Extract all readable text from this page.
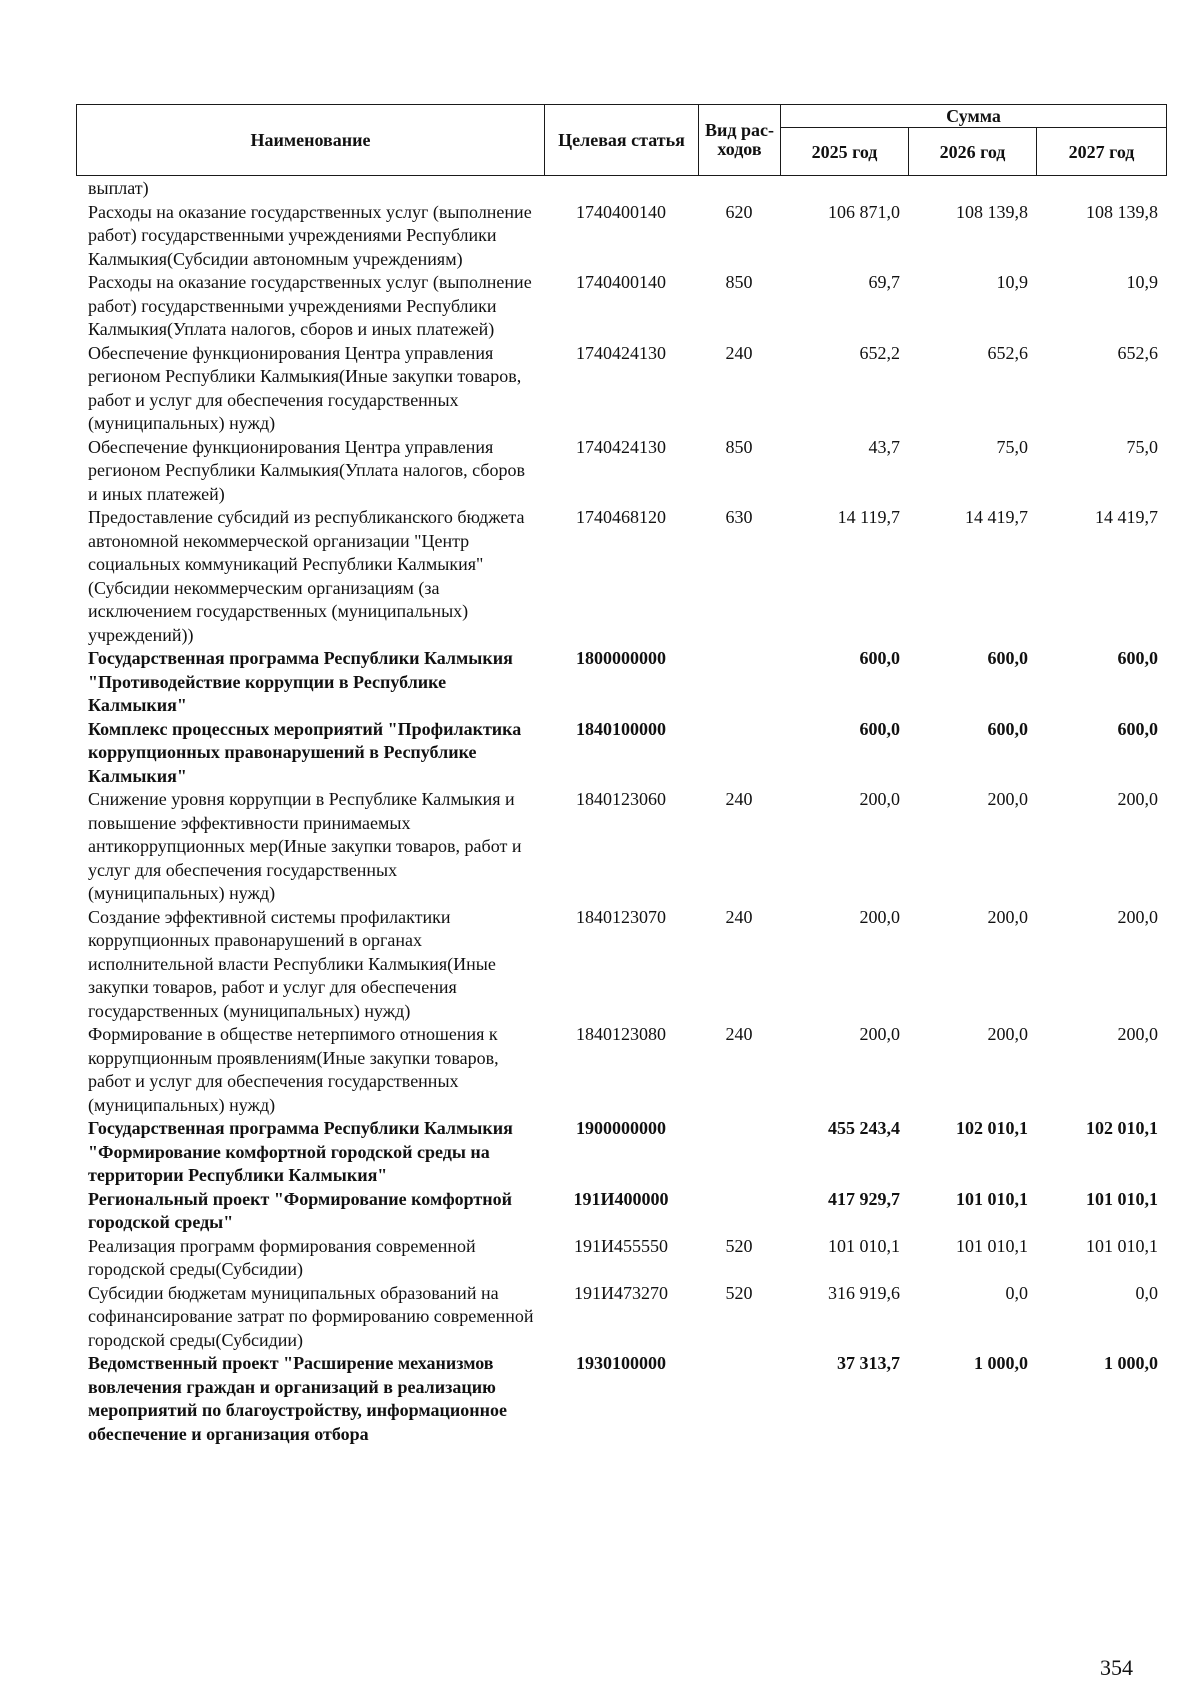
Наименование	Целевая статья	Вид рас-ходов	Сумма		
			2025 год	2026 год	2027 год
выплат)					
Расходы на оказание государственных услуг (выполнение работ) государственными учреждениями Республики Калмыкия(Субсидии автономным учреждениям)	1740400140	620	106 871,0	108 139,8	108 139,8
Расходы на оказание государственных услуг (выполнение работ) государственными учреждениями Республики Калмыкия(Уплата налогов, сборов и иных платежей)	1740400140	850	69,7	10,9	10,9
Обеспечение функционирования Центра управления регионом Республики Калмыкия(Иные закупки товаров, работ и услуг для обеспечения государственных (муниципальных) нужд)	1740424130	240	652,2	652,6	652,6
Обеспечение функционирования Центра управления регионом Республики Калмыкия(Уплата налогов, сборов и иных платежей)	1740424130	850	43,7	75,0	75,0
Предоставление субсидий из республиканского бюджета автономной некоммерческой организации "Центр социальных коммуникаций Республики Калмыкия"(Субсидии некоммерческим организациям (за исключением государственных (муниципальных) учреждений))	1740468120	630	14 119,7	14 419,7	14 419,7
Государственная программа Республики Калмыкия "Противодействие коррупции в Республике Калмыкия"	1800000000		600,0	600,0	600,0
Комплекс процессных мероприятий "Профилактика коррупционных правонарушений в Республике Калмыкия"	1840100000		600,0	600,0	600,0
Снижение уровня коррупции в Республике Калмыкия и повышение эффективности принимаемых антикоррупционных мер(Иные закупки товаров, работ и услуг для обеспечения государственных (муниципальных) нужд)	1840123060	240	200,0	200,0	200,0
Создание эффективной системы профилактики коррупционных правонарушений в органах исполнительной власти Республики Калмыкия(Иные закупки товаров, работ и услуг для обеспечения государственных (муниципальных) нужд)	1840123070	240	200,0	200,0	200,0
Формирование в обществе нетерпимого отношения к коррупционным проявлениям(Иные закупки товаров, работ и услуг для обеспечения государственных (муниципальных) нужд)	1840123080	240	200,0	200,0	200,0
Государственная программа Республики Калмыкия "Формирование комфортной городской среды на территории Республики Калмыкия"	1900000000		455 243,4	102 010,1	102 010,1
Региональный проект "Формирование комфортной городской среды"	191И400000		417 929,7	101 010,1	101 010,1
Реализация программ формирования современной городской среды(Субсидии)	191И455550	520	101 010,1	101 010,1	101 010,1
Субсидии бюджетам муниципальных образований на софинансирование затрат по формированию современной городской среды(Субсидии)	191И473270	520	316 919,6	0,0	0,0
Ведомственный проект "Расширение механизмов вовлечения граждан и организаций в реализацию мероприятий по благоустройству, информационное обеспечение и организация отбора	1930100000		37 313,7	1 000,0	1 000,0
354
